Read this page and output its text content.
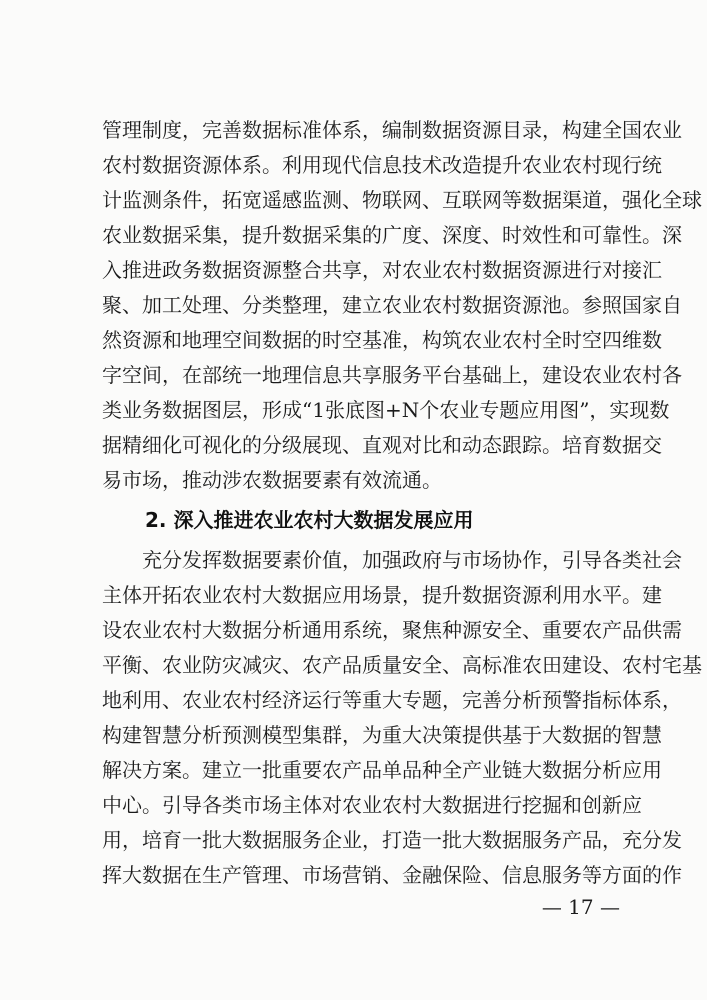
管理制度，完善数据标准体系，编制数据资源目录，构建全国农业
农村数据资源体系。利用现代信息技术改造提升农业农村现行统
计监测条件，拓宽遥感监测、物联网、互联网等数据渠道，强化全球
农业数据采集，提升数据采集的广度、深度、时效性和可靠性。深
入推进政务数据资源整合共享，对农业农村数据资源进行对接汇
聚、加工处理、分类整理，建立农业农村数据资源池。参照国家自
然资源和地理空间数据的时空基准，构筑农业农村全时空四维数
字空间，在部统一地理信息共享服务平台基础上，建设农业农村各
类业务数据图层，形成“1张底图+N个农业专题应用图”，实现数
据精细化可视化的分级展现、直观对比和动态跟踪。培育数据交
易市场，推动涉农数据要素有效流通。
2. 深入推进农业农村大数据发展应用
充分发挥数据要素价值，加强政府与市场协作，引导各类社会
主体开拓农业农村大数据应用场景，提升数据资源利用水平。建
设农业农村大数据分析通用系统，聚焦种源安全、重要农产品供需
平衡、农业防灾减灾、农产品质量安全、高标准农田建设、农村宅基
地利用、农业农村经济运行等重大专题，完善分析预警指标体系，
构建智慧分析预测模型集群，为重大决策提供基于大数据的智慧
解决方案。建立一批重要农产品单品种全产业链大数据分析应用
中心。引导各类市场主体对农业农村大数据进行挖掘和创新应
用，培育一批大数据服务企业，打造一批大数据服务产品，充分发
挥大数据在生产管理、市场营销、金融保险、信息服务等方面的作
— 17 —
